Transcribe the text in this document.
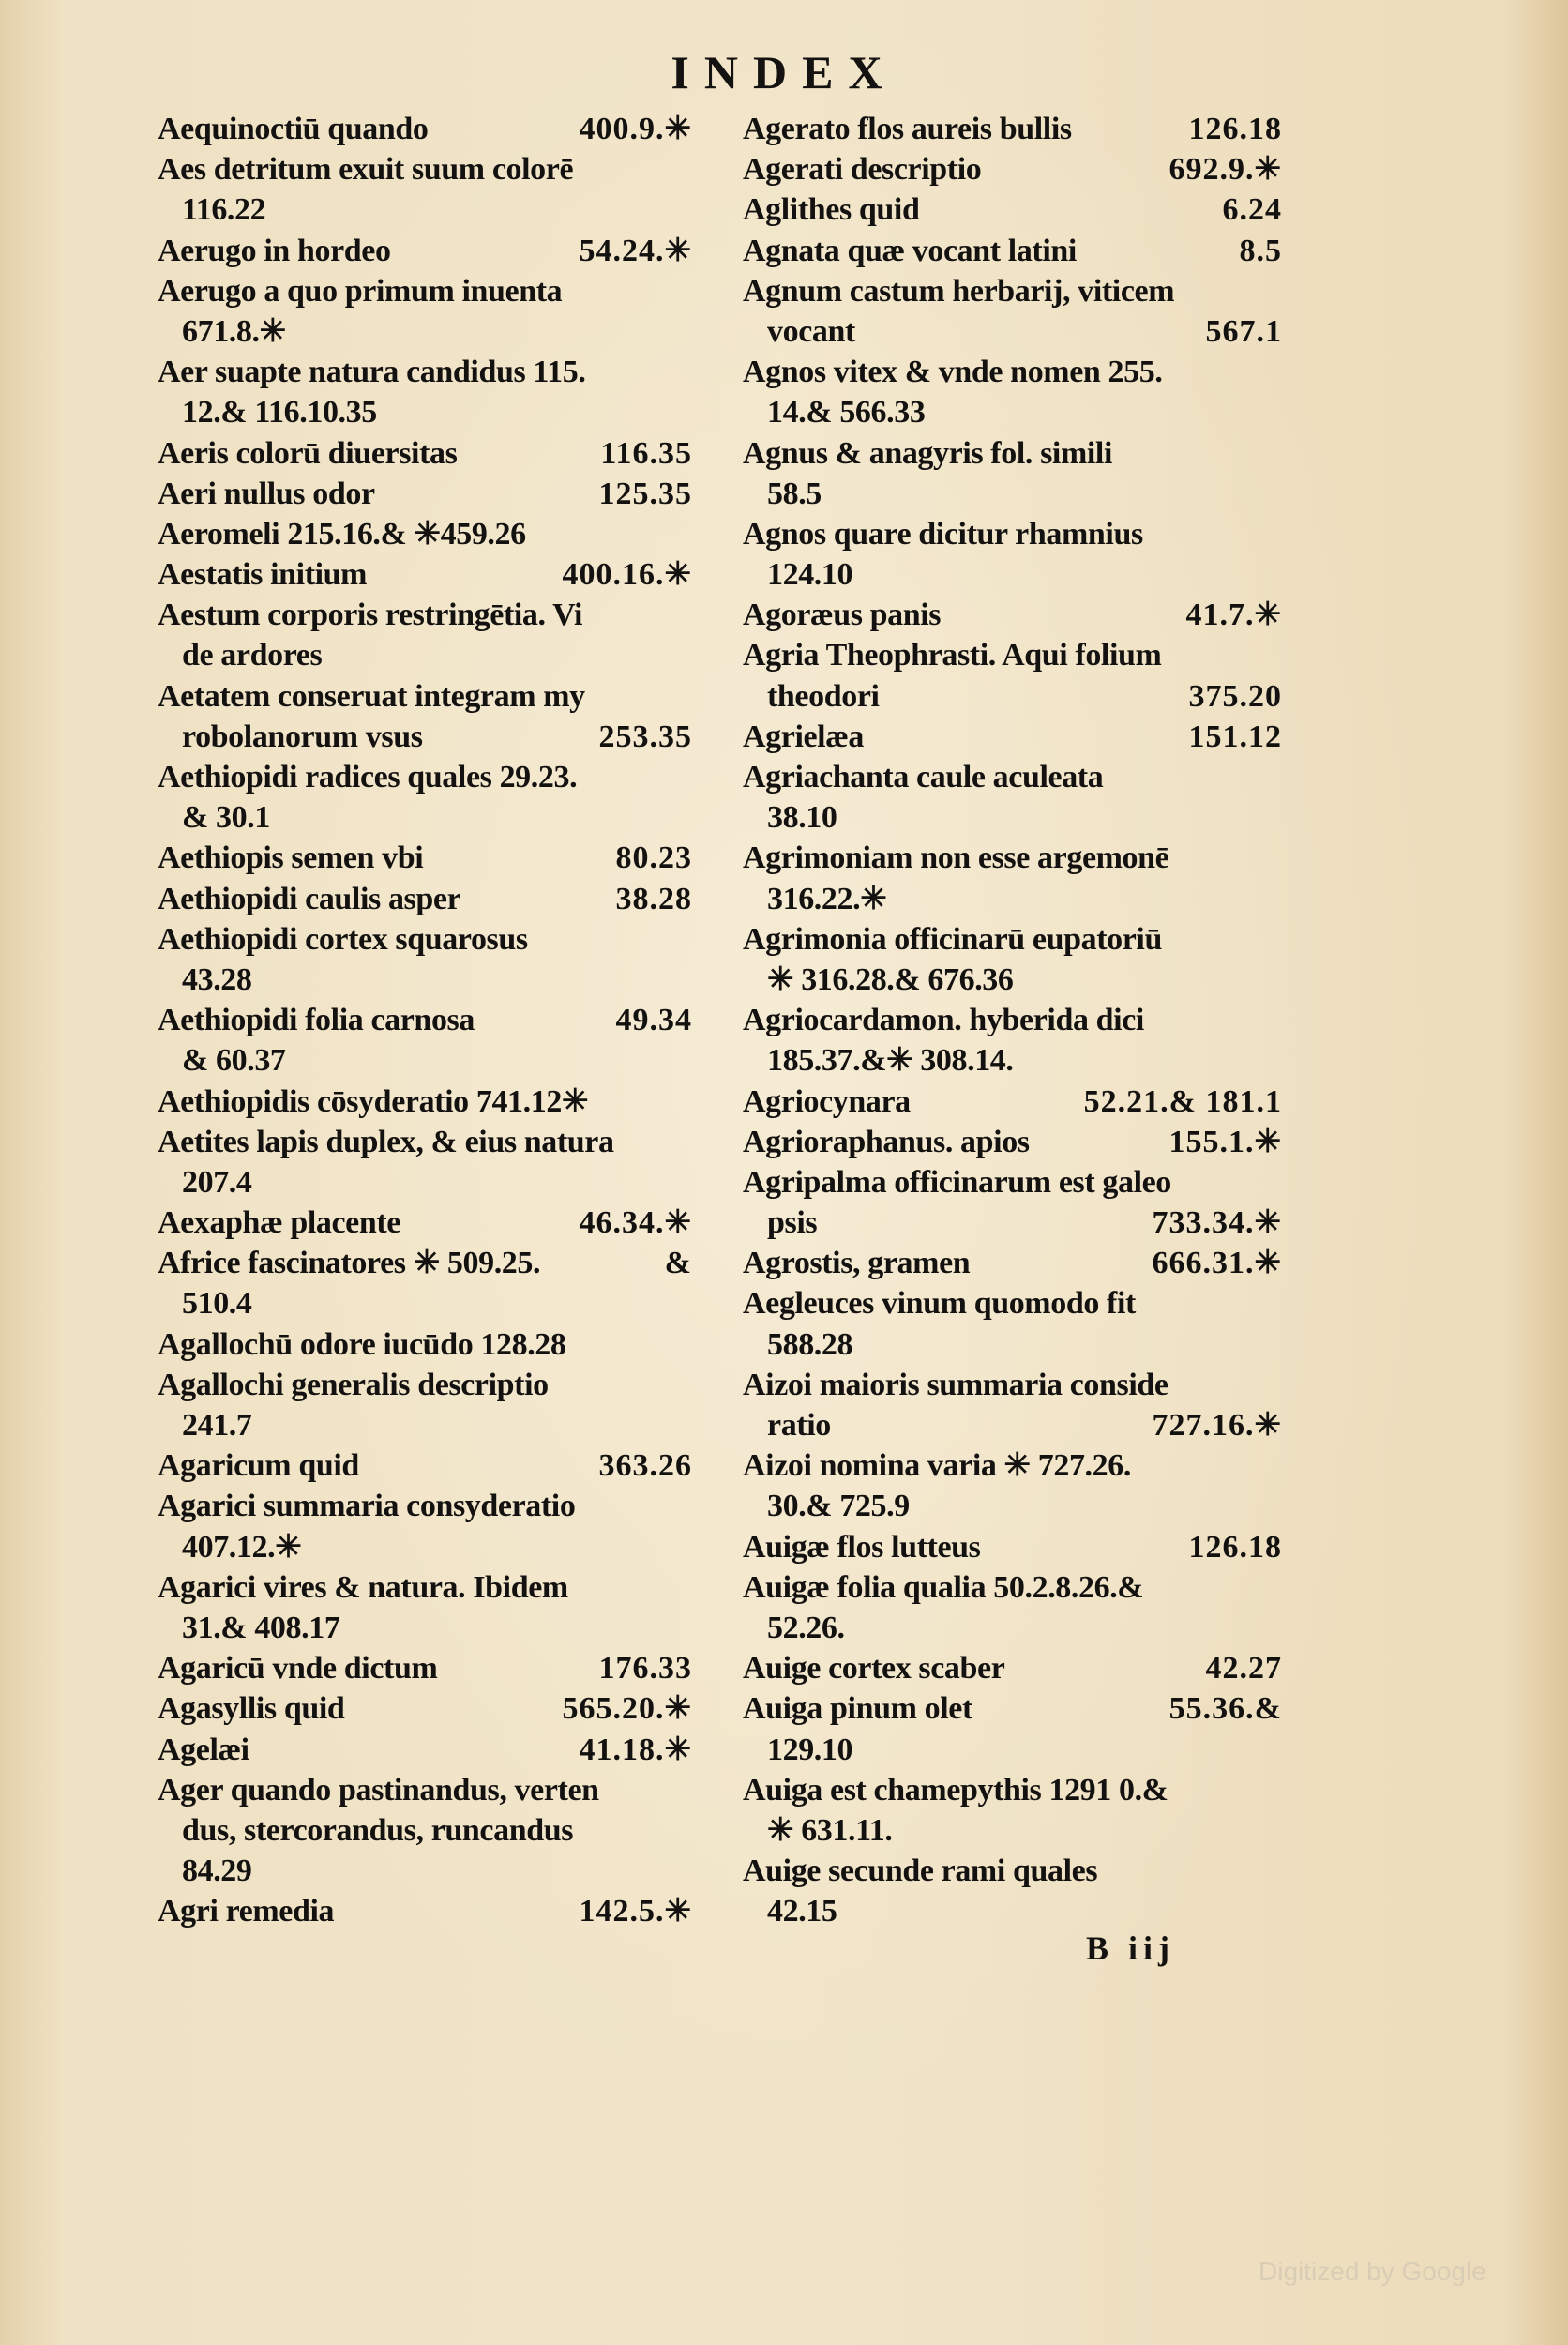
INDEX
Aequinoctiū quando	400.9.✳
Aes detritum exuit suum colorē
116.22
Aerugo in hordeo	54.24.✳
Aerugo a quo primum inuenta
671.8.✳
Aer suapte natura candidus 115.
12.& 116.10.35
Aeris colorū diuersitas	116.35
Aeri nullus odor	125.35
Aeromeli 215.16.& ✳459.26
Aestatis initium	400.16.✳
Aestum corporis restringētia. Vi
de ardores
Aetatem conseruat integram my
robolanorum vsus	253.35
Aethiopidi radices quales 29.23.
& 30.1
Aethiopis semen vbi	80.23
Aethiopidi caulis asper	38.28
Aethiopidi cortex squarosus
43.28
Aethiopidi folia carnosa	49.34
& 60.37
Aethiopidis cōsyderatio 741.12✳
Aetites lapis duplex, & eius natura
207.4
Aexaphæ placente	46.34.✳
Africe fascinatores ✳ 509.25.	&
510.4
Agallochū odore iucūdo 128.28
Agallochi generalis descriptio
241.7
Agaricum quid	363.26
Agarici summaria consyderatio
407.12.✳
Agarici vires & natura. Ibidem
31.& 408.17
Agaricū vnde dictum	176.33
Agasyllis quid	565.20.✳
Agelæi	41.18.✳
Ager quando pastinandus, verten
dus, stercorandus, runcandus
84.29
Agri remedia	142.5.✳
Agerato flos aureis bullis	126.18
Agerati descriptio	692.9.✳
Aglithes quid	6.24
Agnata quæ vocant latini	8.5
Agnum castum herbarij, viticem
vocant	567.1
Agnos vitex & vnde nomen 255.
14.& 566.33
Agnus & anagyris fol. simili
58.5
Agnos quare dicitur rhamnius
124.10
Agoræus panis	41.7.✳
Agria Theophrasti. Aqui folium
theodori	375.20
Agrielæa	151.12
Agriachanta caule aculeata
38.10
Agrimoniam non esse argemonē
316.22.✳
Agrimonia officinarū eupatoriū
✳ 316.28.& 676.36
Agriocardamon. hyberida dici
185.37.&✳ 308.14.
Agriocynara	52.21.& 181.1
Agrioraphanus. apios	155.1.✳
Agripalma officinarum est galeo
psis	733.34.✳
Agrostis, gramen	666.31.✳
Aegleuces vinum quomodo fit
588.28
Aizoi maioris summaria conside
ratio	727.16.✳
Aizoi nomina varia ✳ 727.26.
30.& 725.9
Auigæ flos lutteus	126.18
Auigæ folia qualia 50.2.8.26.&
52.26.
Auige cortex scaber	42.27
Auiga pinum olet	55.36.&
129.10
Auiga est chamepythis 1291 0.&
✳ 631.11.
Auige secunde rami quales
42.15
B iij
Digitized by Google
